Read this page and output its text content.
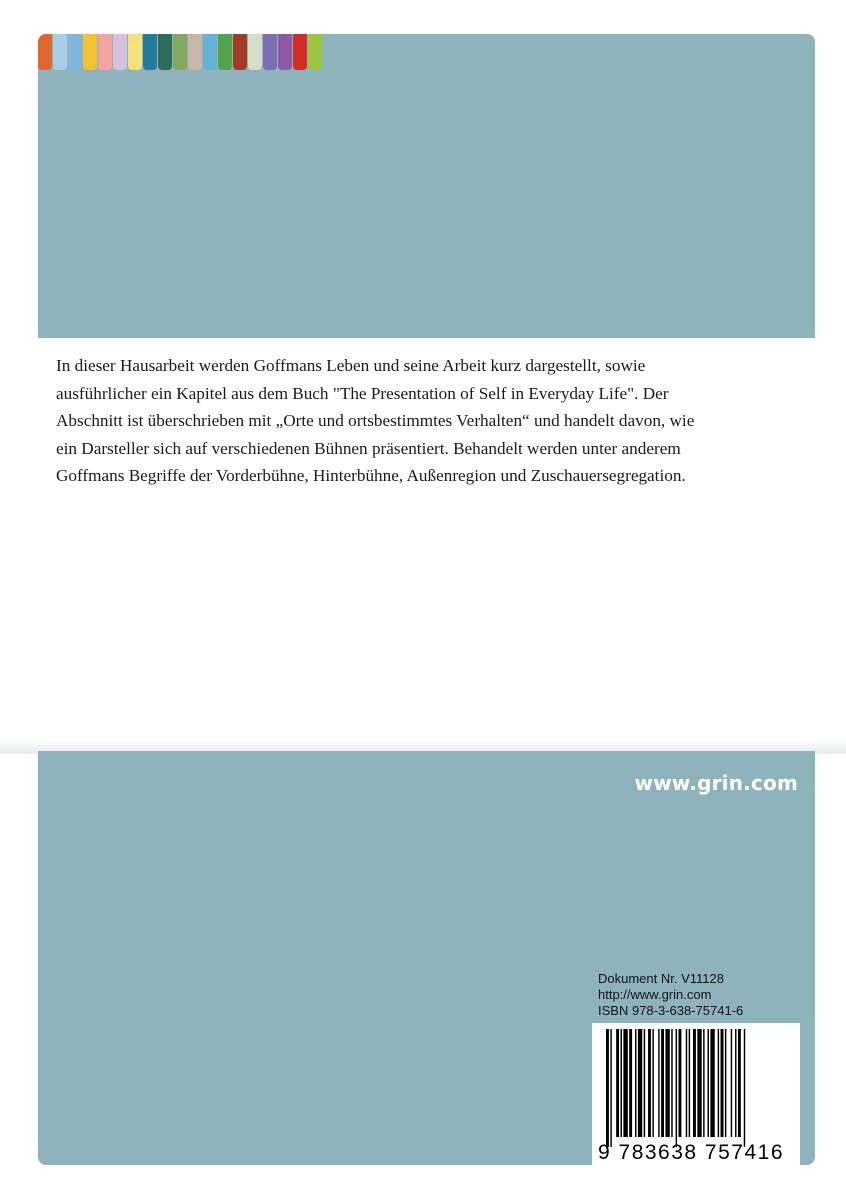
In dieser Hausarbeit werden Goffmans Leben und seine Arbeit kurz dargestellt, sowie ausführlicher ein Kapitel aus dem Buch "The Presentation of Self in Everyday Life". Der Abschnitt ist überschrieben mit „Orte und ortsbestimmtes Verhalten“ und handelt davon, wie ein Darsteller sich auf verschiedenen Bühnen präsentiert. Behandelt werden unter anderem Goffmans Begriffe der Vorderbühne, Hinterbühne, Außenregion und Zuschauersegregation.

www.grin.com
Dokument Nr. V11128
http://www.grin.com
ISBN 978-3-638-75741-6
9 783638 757416
